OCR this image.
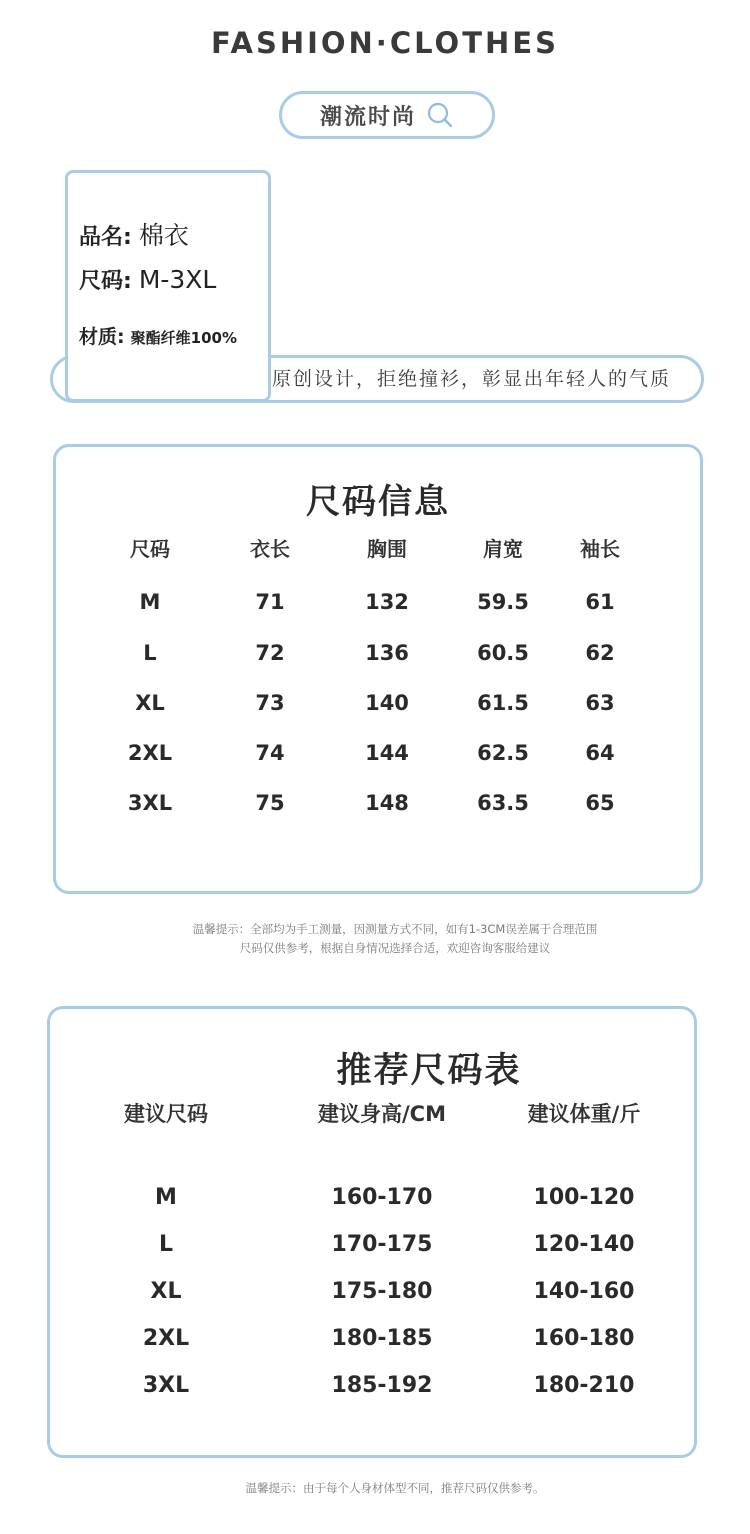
FASHION·CLOTHES
潮流时尚
原创设计，拒绝撞衫，彰显出年轻人的气质
品名: 棉衣
尺码: M-3XL
材质: 聚酯纤维100%
尺码信息
尺码	衣长	胸围	肩宽	袖长
M	71	132	59.5	61
L	72	136	60.5	62
XL	73	140	61.5	63
2XL	74	144	62.5	64
3XL	75	148	63.5	65
温馨提示：全部均为手工测量，因测量方式不同，如有1-3CM误差属于合理范围
尺码仅供参考，根据自身情况选择合适，欢迎咨询客服给建议
推荐尺码表
建议尺码	建议身高/CM	建议体重/斤
M	160-170	100-120
L	170-175	120-140
XL	175-180	140-160
2XL	180-185	160-180
3XL	185-192	180-210
温馨提示：由于每个人身材体型不同，推荐尺码仅供参考。
